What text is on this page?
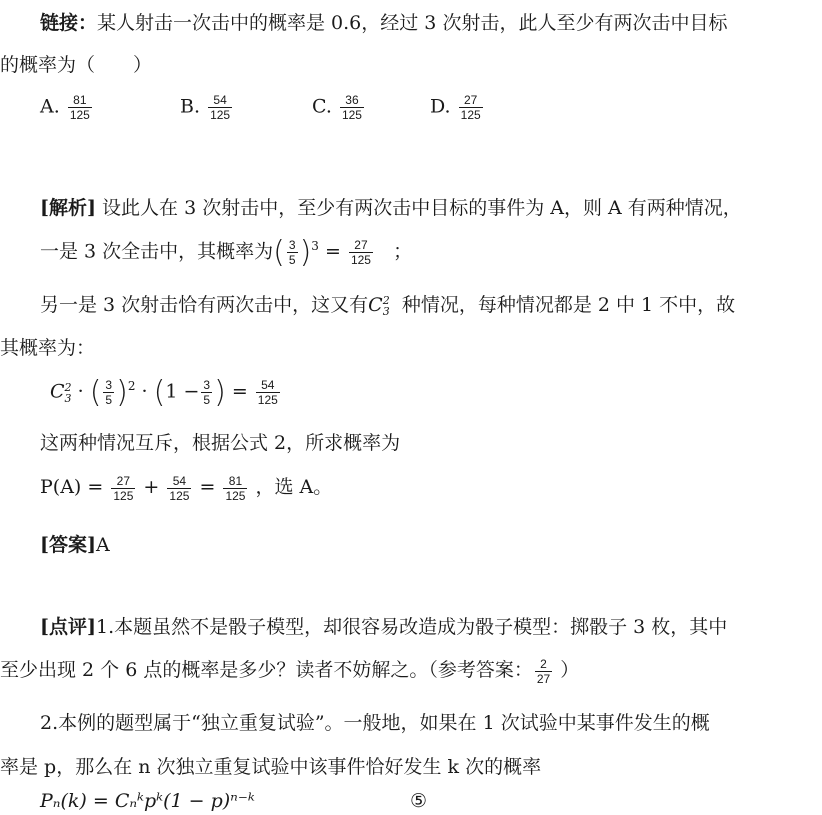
链接：某人射击一次击中的概率是 0.6，经过 3 次射击，此人至少有两次击中目标
的概率为（　　）
A. $\frac{81}{125}$	B. $\frac{54}{125}$	C. $\frac{36}{125}$	D. $\frac{27}{125}$
[解析] 设此人在 3 次射击中，至少有两次击中目标的事件为 A，则 A 有两种情况，
一是 3 次全击中，其概率为( $\frac{3}{5} )^3 = \frac{27}{125}$ ；
另一是 3 次射击恰有两次击中，这又有C 2
3 种情况，每种情况都是 2 中 1 不中，故
其概率为：
C 2
3 · ( $\frac{3}{5} )^2 \cdot (1 - \frac{3}{5}$ ) = $\frac{54}{125}$
这两种情况互斥，根据公式 2，所求概率为
$P(A) = \frac{27}{125} + \frac{54}{125} = \frac{81}{125}$ ，选 A。
[答案]A
[点评]1.本题虽然不是骰子模型，却很容易改造成为骰子模型：掷骰子 3 枚，其中
至少出现 2 个 6 点的概率是多少？读者不妨解之。（参考答案： $\frac{2}{27}$ ）
2.本例的题型属于“独立重复试验”。一般地，如果在 1 次试验中某事件发生的概
率是 p，那么在 n 次独立重复试验中该事件恰好发生 k 次的概率
Pₙ(k) = Cₙᵏpᵏ(1 − p)ⁿ⁻ᵏ	⑤
